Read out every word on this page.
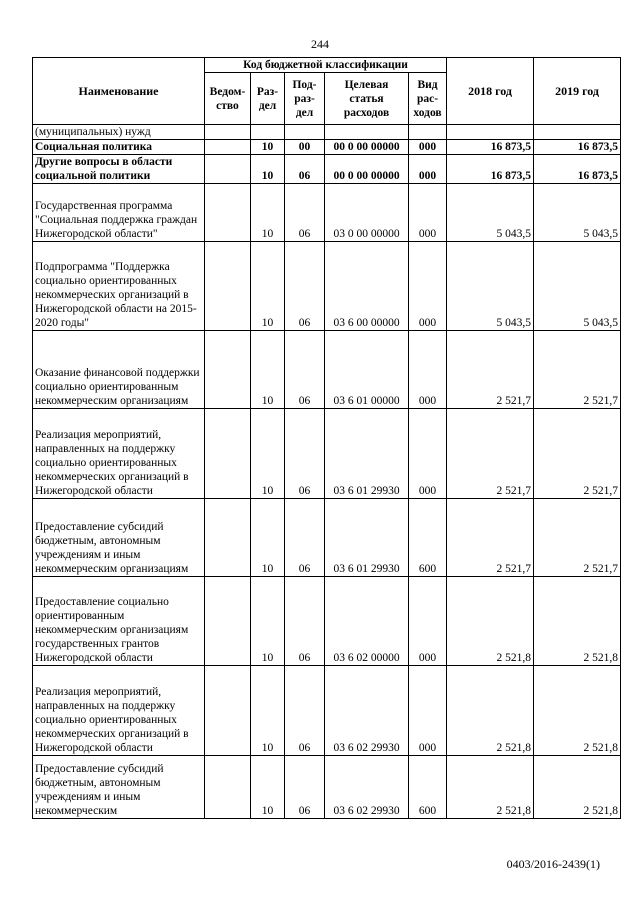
244
Наименование	Код бюджетной классификации					2018 год	2019 год
	Ведом-ство	Раз-дел	Под-раз-дел	Целевая статья расходов	Вид рас-ходов		
(муниципальных) нужд							
Социальная политика		10	00	00 0 00 00000	000	16 873,5	16 873,5
Другие вопросы в области социальной политики		10	06	00 0 00 00000	000	16 873,5	16 873,5
Государственная программа "Социальная поддержка граждан Нижегородской области"		10	06	03 0 00 00000	000	5 043,5	5 043,5
Подпрограмма "Поддержка социально ориентированных некоммерческих организаций в Нижегородской области на 2015-2020 годы"		10	06	03 6 00 00000	000	5 043,5	5 043,5
Оказание финансовой поддержки социально ориентированным некоммерческим организациям		10	06	03 6 01 00000	000	2 521,7	2 521,7
Реализация мероприятий, направленных на поддержку социально ориентированных некоммерческих организаций в Нижегородской области		10	06	03 6 01 29930	000	2 521,7	2 521,7
Предоставление субсидий бюджетным, автономным учреждениям и иным некоммерческим организациям		10	06	03 6 01 29930	600	2 521,7	2 521,7
Предоставление социально ориентированным некоммерческим организациям государственных грантов Нижегородской области		10	06	03 6 02 00000	000	2 521,8	2 521,8
Реализация мероприятий, направленных на поддержку социально ориентированных некоммерческих организаций в Нижегородской области		10	06	03 6 02 29930	000	2 521,8	2 521,8
Предоставление субсидий бюджетным, автономным учреждениям и иным некоммерческим		10	06	03 6 02 29930	600	2 521,8	2 521,8
0403/2016-2439(1)
